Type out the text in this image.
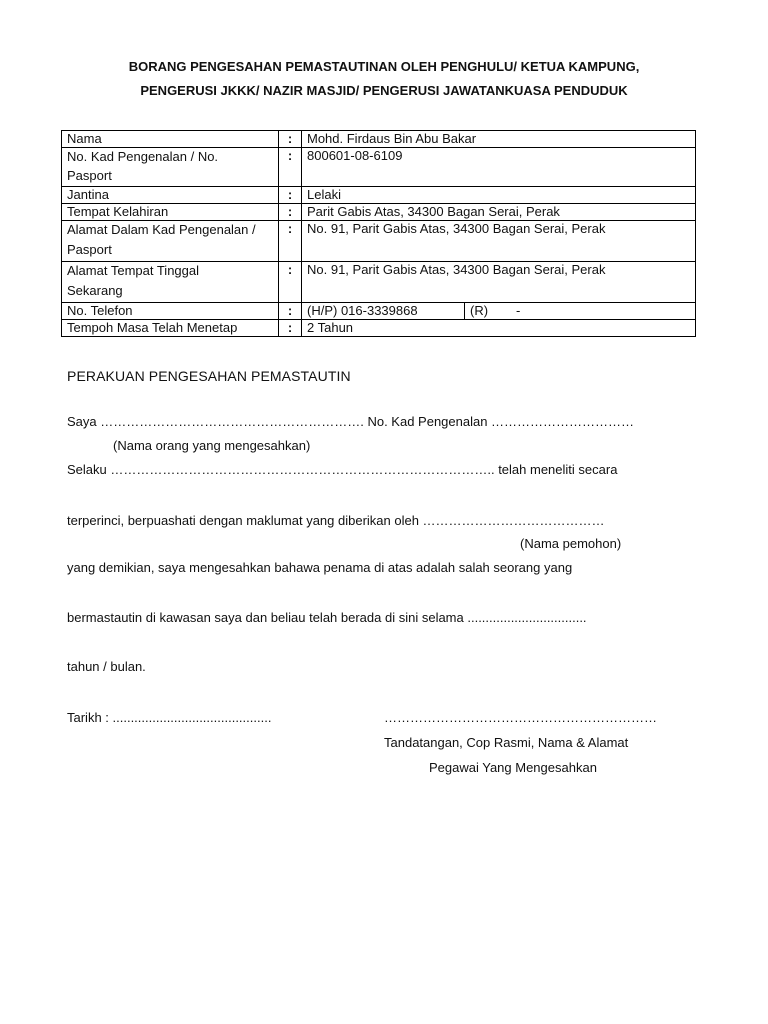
BORANG PENGESAHAN PEMASTAUTINAN OLEH PENGHULU/ KETUA KAMPUNG,
PENGERUSI JKKK/ NAZIR MASJID/ PENGERUSI JAWATANKUASA PENDUDUK
Nama	:	Mohd. Firdaus Bin Abu Bakar

No. Kad Pengenalan / No.
Pasport	:	800601-08-6109
Jantina	:	Lelaki
Tempat Kelahiran	:	Parit Gabis Atas, 34300 Bagan Serai, Perak

Alamat Dalam Kad Pengenalan /
Pasport	:	No. 91, Parit Gabis Atas, 34300 Bagan Serai, Perak

Alamat Tempat Tinggal
Sekarang	:	No. 91, Parit Gabis Atas, 34300 Bagan Serai, Perak
No. Telefon	:	(H/P) 016-3339868 (R) -

Tempoh Masa Telah Menetap	:	2 Tahun
PERAKUAN PENGESAHAN PEMASTAUTIN
Saya ……………………………………………………. No. Kad Pengenalan ……………………………
(Nama orang yang mengesahkan)
Selaku …………………………………………………………………………….. telah meneliti secara
terperinci, berpuashati dengan maklumat yang diberikan oleh ……………………………………
(Nama pemohon)
yang demikian, saya mengesahkan bahawa penama di atas adalah salah seorang yang
bermastautin di kawasan saya dan beliau telah berada di sini selama .................................
tahun / bulan.
Tarikh : ............................................	………………………………………………………
Tandatangan, Cop Rasmi, Nama & Alamat
Pegawai Yang Mengesahkan
